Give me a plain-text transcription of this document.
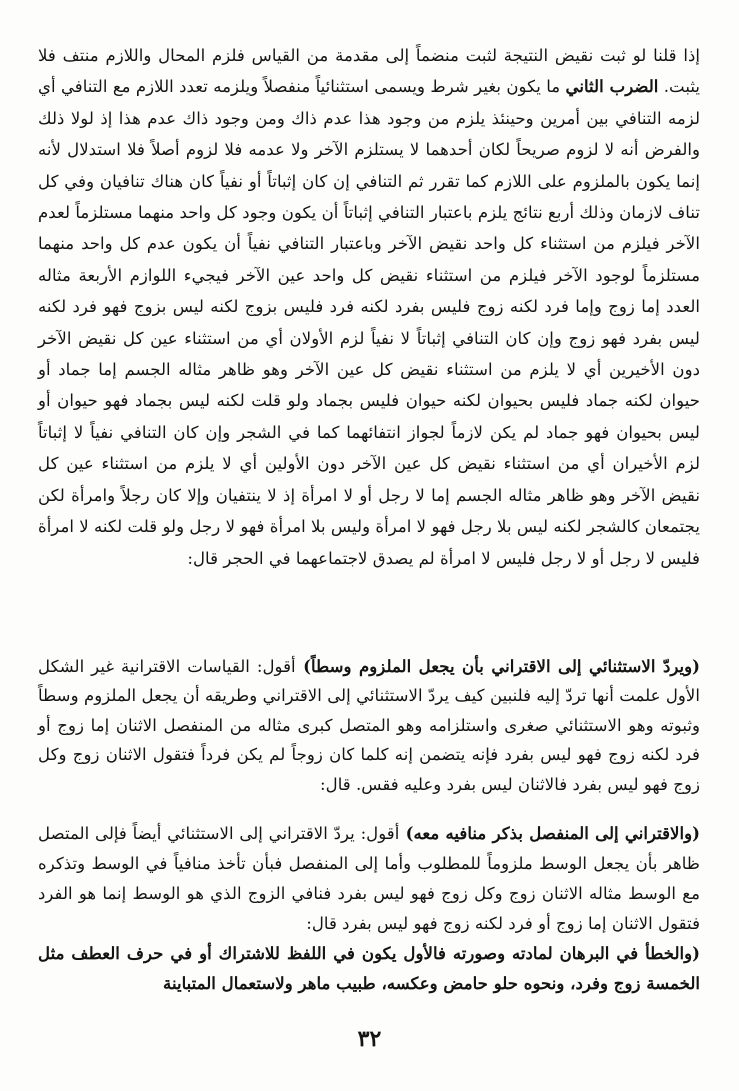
إذا قلنا لو ثبت نقيض النتيجة لثبت منضماً إلى مقدمة من القياس فلزم المحال واللازم منتف فلا يثبت. الضرب الثاني ما يكون بغير شرط ويسمى استثنائياً منفصلاً ويلزمه تعدد اللازم مع التنافي أي لزمه التنافي بين أمرين وحينئذ يلزم من وجود هذا عدم ذاك ومن وجود ذاك عدم هذا إذ لولا ذلك والفرض أنه لا لزوم صريحاً لكان أحدهما لا يستلزم الآخر ولا عدمه فلا لزوم أصلاً فلا استدلال لأنه إنما يكون بالملزوم على اللازم كما تقرر ثم التنافي إن كان إثباتاً أو نفياً كان هناك تنافيان وفي كل تناف لازمان وذلك أربع نتائج يلزم باعتبار التنافي إثباتاً أن يكون وجود كل واحد منهما مستلزماً لعدم الآخر فيلزم من استثناء كل واحد نقيض الآخر وباعتبار التنافي نفياً أن يكون عدم كل واحد منهما مستلزماً لوجود الآخر فيلزم من استثناء نقيض كل واحد عين الآخر فيجيء اللوازم الأربعة مثاله العدد إما زوج وإما فرد لكنه زوج فليس بفرد لكنه فرد فليس بزوج لكنه ليس بزوج فهو فرد لكنه ليس بفرد فهو زوج وإن كان التنافي إثباتاً لا نفياً لزم الأولان أي من استثناء عين كل نقيض الآخر دون الأخيرين أي لا يلزم من استثناء نقيض كل عين الآخر وهو ظاهر مثاله الجسم إما جماد أو حيوان لكنه جماد فليس بحيوان لكنه حيوان فليس بجماد ولو قلت لكنه ليس بجماد فهو حيوان أو ليس بحيوان فهو جماد لم يكن لازماً لجواز انتفائهما كما في الشجر وإن كان التنافي نفياً لا إثباتاً لزم الأخيران أي من استثناء نقيض كل عين الآخر دون الأولين أي لا يلزم من استثناء عين كل نقيض الآخر وهو ظاهر مثاله الجسم إما لا رجل أو لا امرأة إذ لا ينتفيان وإلا كان رجلاً وامرأة لكن يجتمعان كالشجر لكنه ليس بلا رجل فهو لا امرأة وليس بلا امرأة فهو لا رجل ولو قلت لكنه لا امرأة فليس لا رجل أو لا رجل فليس لا امرأة لم يصدق لاجتماعهما في الحجر قال:
(ويردّ الاستثنائي إلى الاقتراني بأن يجعل الملزوم وسطاً) أقول: القياسات الاقترانية غير الشكل الأول علمت أنها تردّ إليه فلنبين كيف يردّ الاستثنائي إلى الاقتراني وطريقه أن يجعل الملزوم وسطاً وثبوته وهو الاستثنائي صغرى واستلزامه وهو المتصل كبرى مثاله من المنفصل الاثنان إما زوج أو فرد لكنه زوج فهو ليس بفرد فإنه يتضمن إنه كلما كان زوجاً لم يكن فرداً فتقول الاثنان زوج وكل زوج فهو ليس بفرد فالاثنان ليس بفرد وعليه فقس. قال:
(والاقتراني إلى المنفصل بذكر منافيه معه) أقول: يردّ الاقتراني إلى الاستثنائي أيضاً فإلى المتصل ظاهر بأن يجعل الوسط ملزوماً للمطلوب وأما إلى المنفصل فبأن تأخذ منافياً في الوسط وتذكره مع الوسط مثاله الاثنان زوج وكل زوج فهو ليس بفرد فنافي الزوج الذي هو الوسط إنما هو الفرد فتقول الاثنان إما زوج أو فرد لكنه زوج فهو ليس بفرد قال:
(والخطأ في البرهان لمادته وصورته فالأول يكون في اللفظ للاشتراك أو في حرف العطف مثل الخمسة زوج وفرد، ونحوه حلو حامض وعكسه، طبيب ماهر ولاستعمال المتباينة
٣٢
